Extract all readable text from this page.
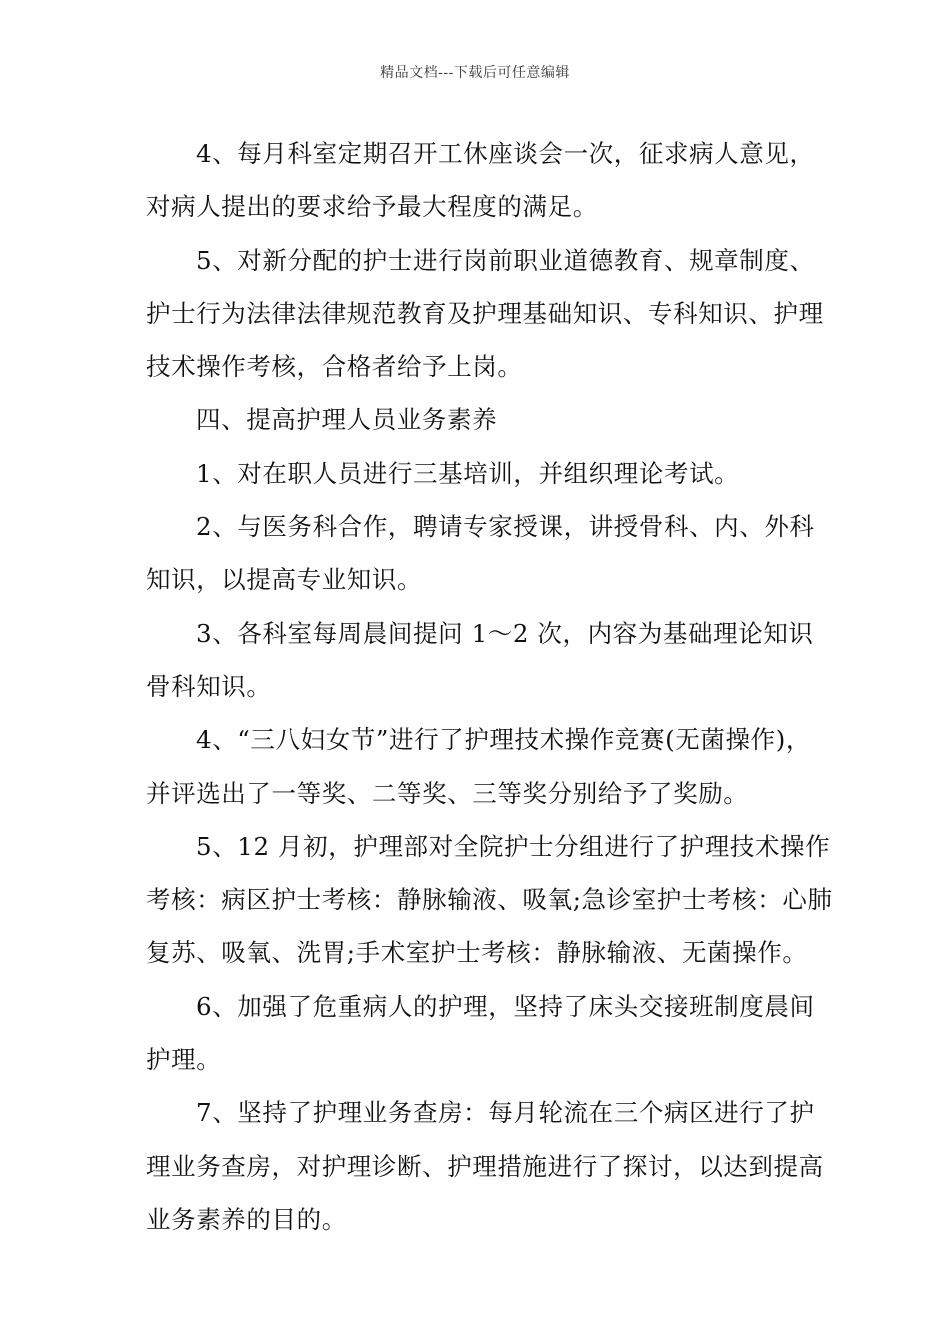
精品文档---下载后可任意编辑

4、每月科室定期召开工休座谈会一次，征求病人意见，对病人提出的要求给予最大程度的满足。

5、对新分配的护士进行岗前职业道德教育、规章制度、护士行为法律法律规范教育及护理基础知识、专科知识、护理技术操作考核，合格者给予上岗。

四、提高护理人员业务素养

1、对在职人员进行三基培训，并组织理论考试。

2、与医务科合作，聘请专家授课，讲授骨科、内、外科知识，以提高专业知识。

3、各科室每周晨间提问 1～2 次，内容为基础理论知识骨科知识。

4、“三八妇女节”进行了护理技术操作竞赛(无菌操作)，并评选出了一等奖、二等奖、三等奖分别给予了奖励。

5、12 月初，护理部对全院护士分组进行了护理技术操作考核：病区护士考核：静脉输液、吸氧;急诊室护士考核：心肺复苏、吸氧、洗胃;手术室护士考核：静脉输液、无菌操作。

6、加强了危重病人的护理，坚持了床头交接班制度晨间护理。

7、坚持了护理业务查房：每月轮流在三个病区进行了护理业务查房，对护理诊断、护理措施进行了探讨，以达到提高业务素养的目的。
